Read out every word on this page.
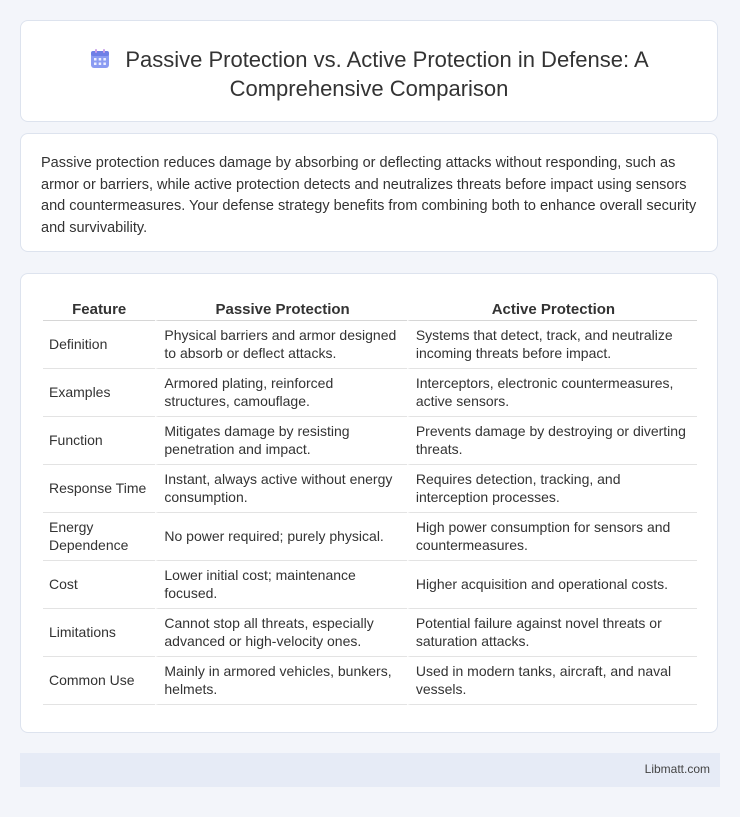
Passive Protection vs. Active Protection in Defense: A Comprehensive Comparison
Passive protection reduces damage by absorbing or deflecting attacks without responding, such as armor or barriers, while active protection detects and neutralizes threats before impact using sensors and countermeasures. Your defense strategy benefits from combining both to enhance overall security and survivability.
Feature	Passive Protection	Active Protection
Definition	Physical barriers and armor designed to absorb or deflect attacks.	Systems that detect, track, and neutralize incoming threats before impact.
Examples	Armored plating, reinforced structures, camouflage.	Interceptors, electronic countermeasures, active sensors.
Function	Mitigates damage by resisting penetration and impact.	Prevents damage by destroying or diverting threats.
Response Time	Instant, always active without energy consumption.	Requires detection, tracking, and interception processes.
Energy Dependence	No power required; purely physical.	High power consumption for sensors and countermeasures.
Cost	Lower initial cost; maintenance focused.	Higher acquisition and operational costs.
Limitations	Cannot stop all threats, especially advanced or high-velocity ones.	Potential failure against novel threats or saturation attacks.
Common Use	Mainly in armored vehicles, bunkers, helmets.	Used in modern tanks, aircraft, and naval vessels.
Libmatt.com
